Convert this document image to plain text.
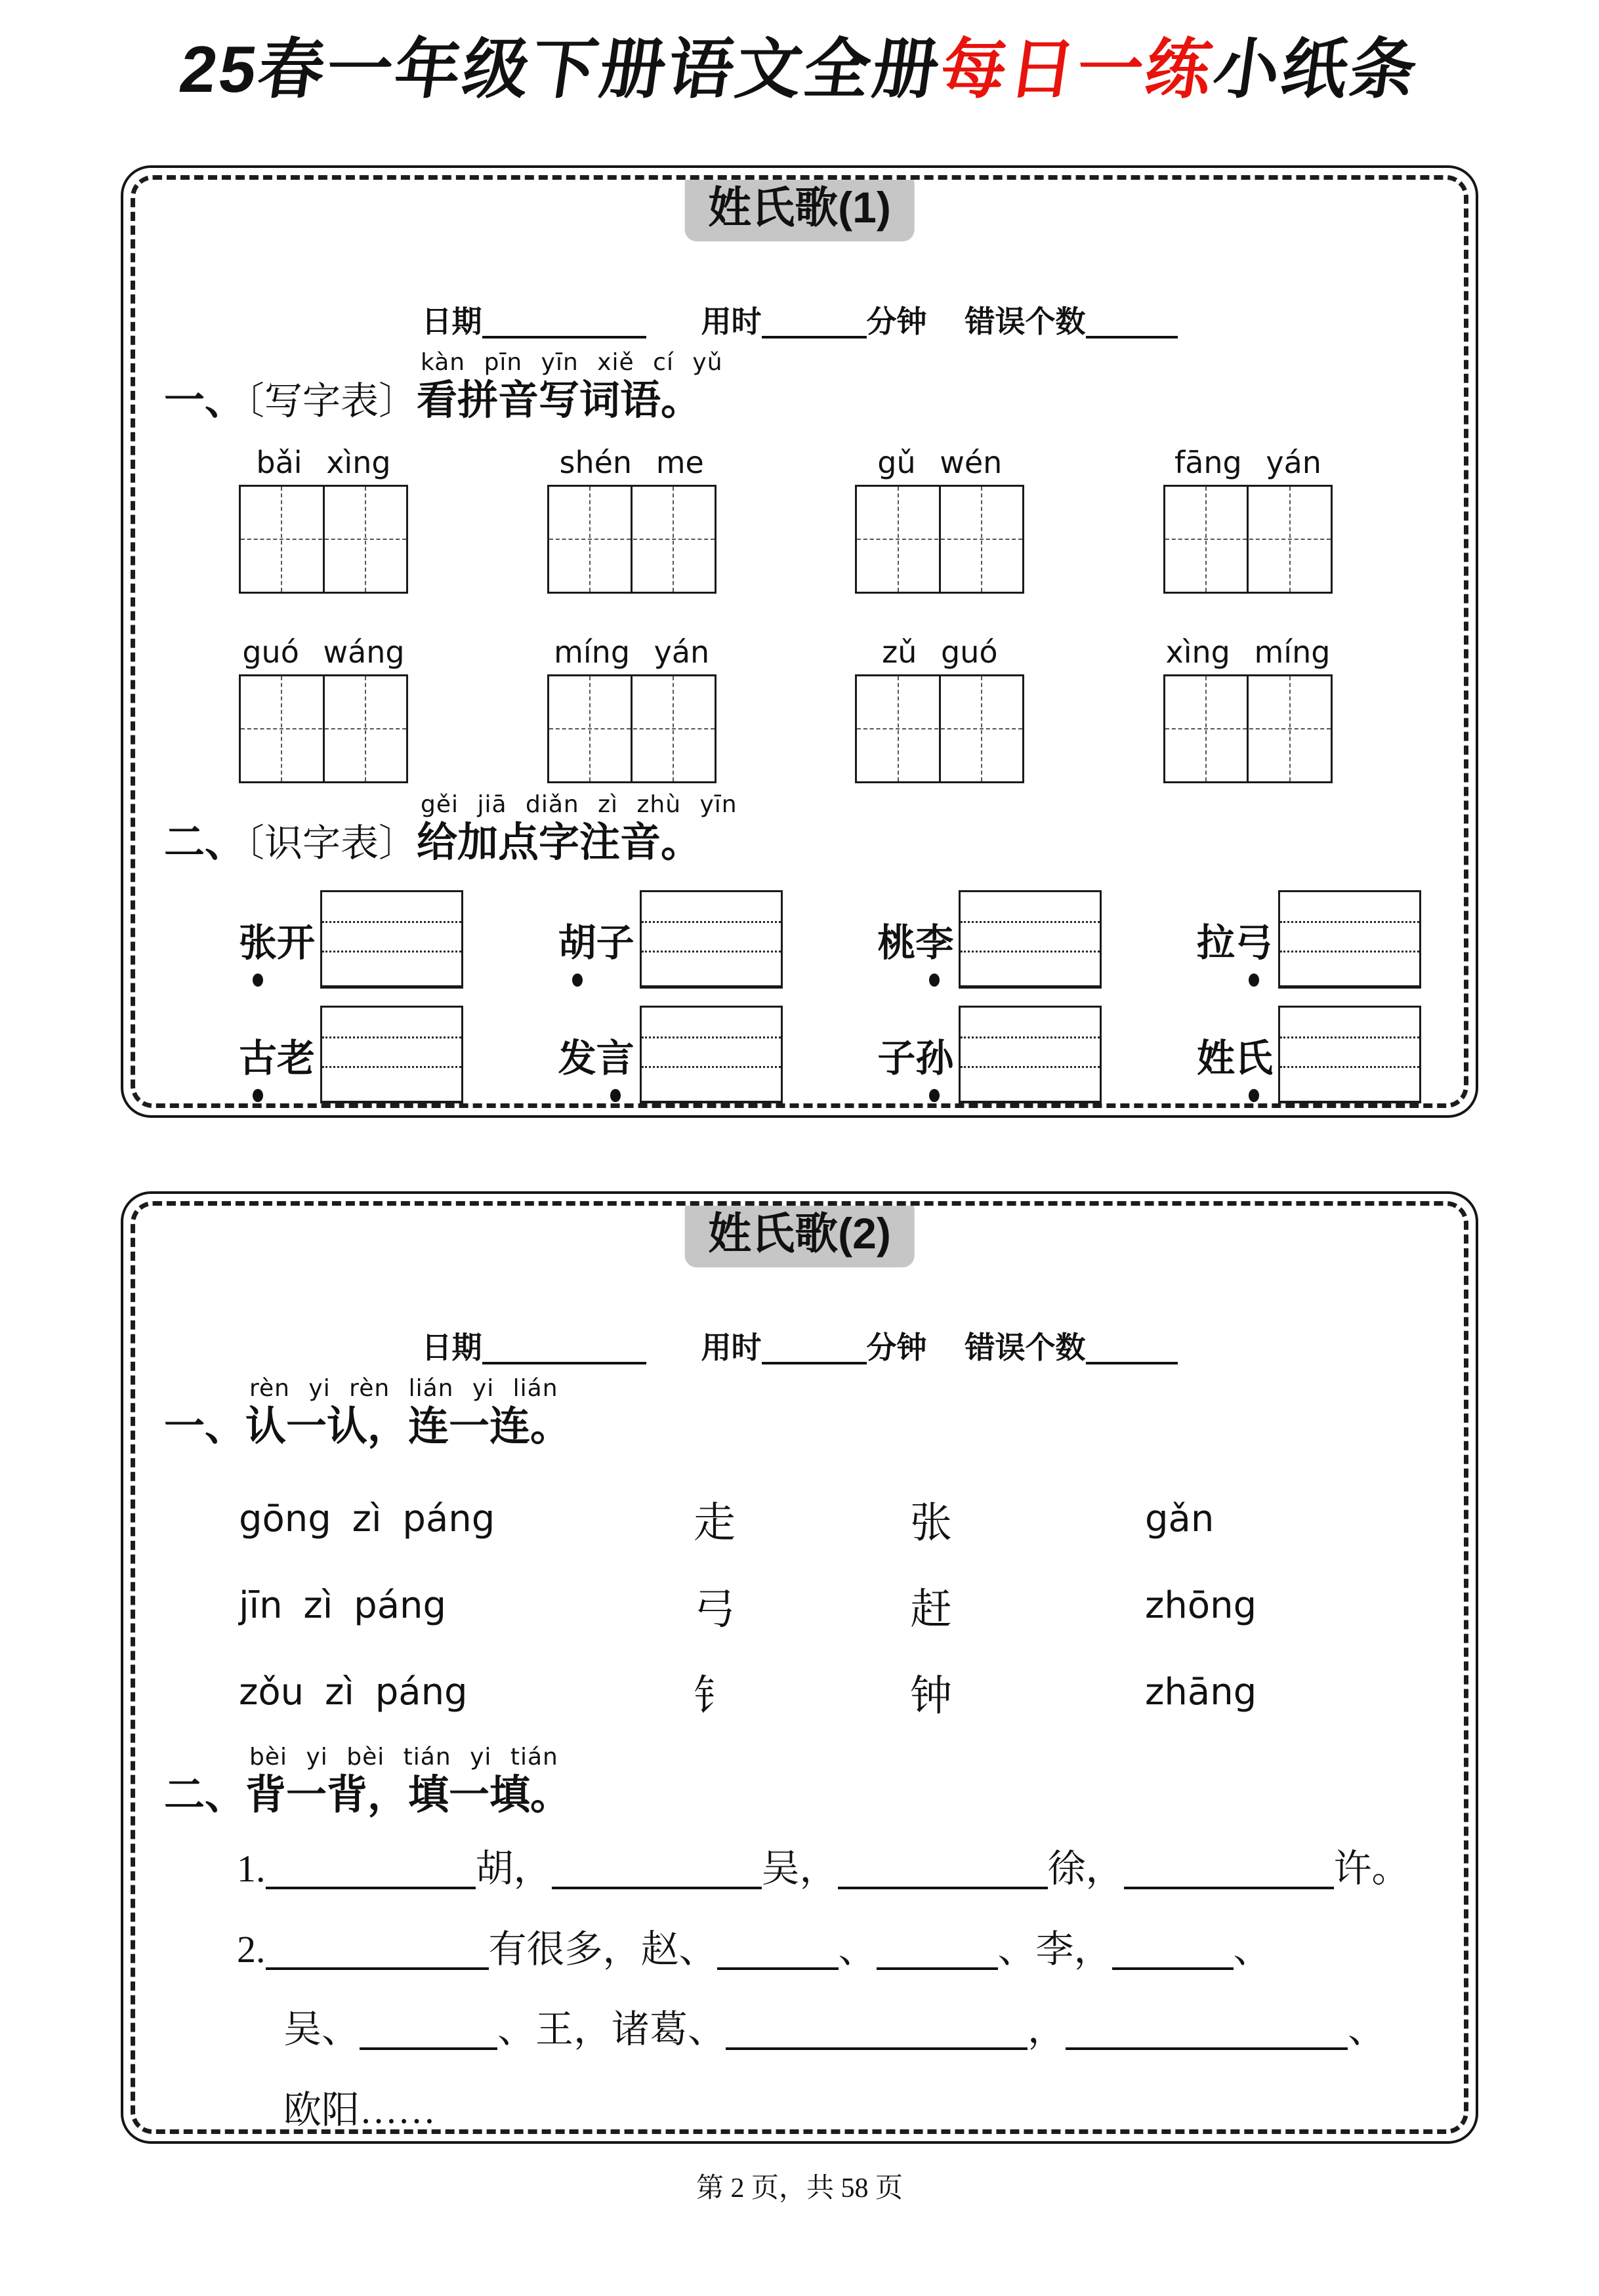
25春一年级下册语文全册每日一练小纸条
姓氏歌(1)
日期	用时	分钟 错误个数
一、〔写字表〕
kàn pīn yīn xiě cí yǔ
看拼音写词语。
bǎi xìng	shén me	gǔ wén	fāng yán
guó wáng	míng yán	zǔ guó	xìng míng
二、〔识字表〕
gěi jiā diǎn zì zhù yīn
给加点字注音。
张开	胡子	桃李	拉弓
古老	发言	子孙	姓氏
姓氏歌(2)
日期	用时	分钟 错误个数
一、
rèn yi rèn lián yi lián
认一认，连一连。
gōng zì páng	走	张	gǎn
jīn zì páng	弓	赶	zhōng
zǒu zì páng	钅	钟	zhāng
二、
bèi yi bèi tián yi tián
背一背，填一填。
1.	胡，	吴，	徐，	许。
2.	有很多，赵、	、	、李，	、
吴、	、王，诸葛、	，	、
欧阳……
第 2 页，共 58 页
